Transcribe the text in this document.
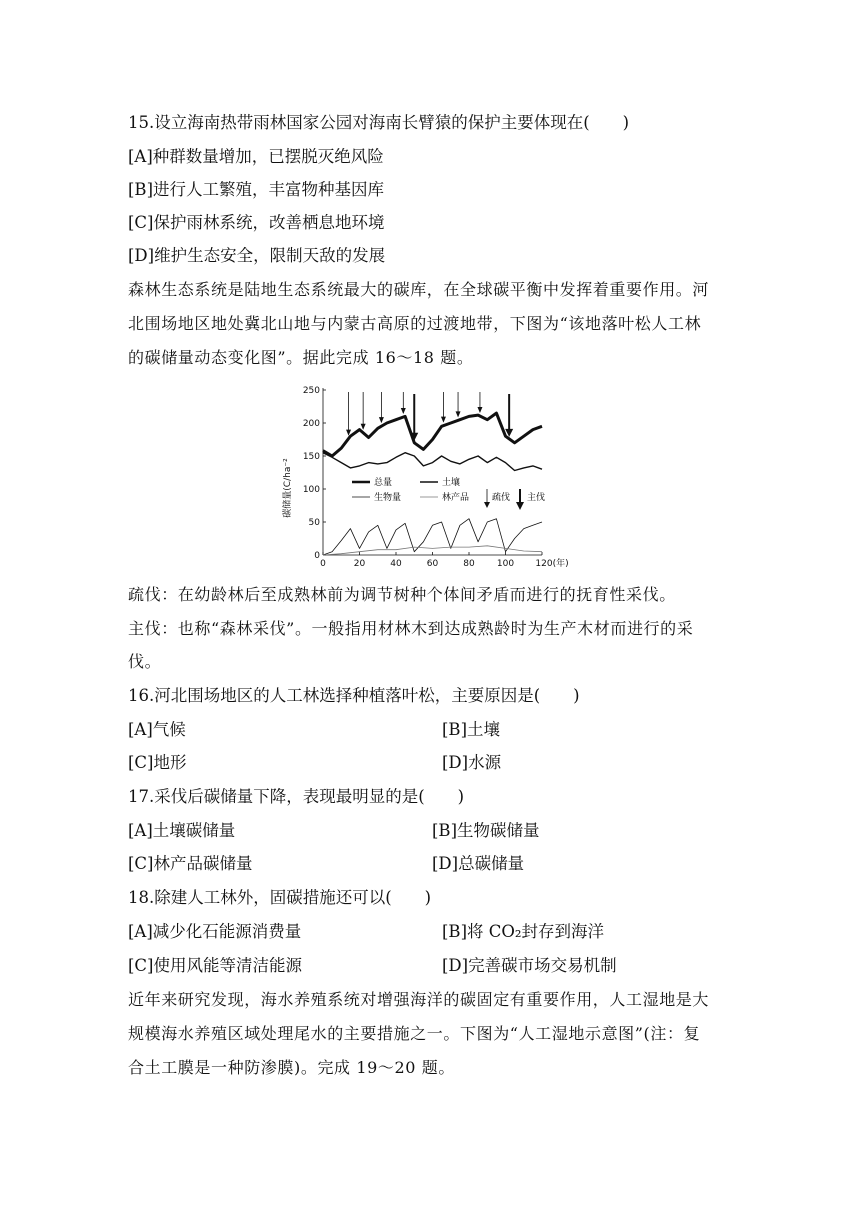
15.设立海南热带雨林国家公园对海南长臂猿的保护主要体现在(　　)
[A]种群数量增加，已摆脱灭绝风险
[B]进行人工繁殖，丰富物种基因库
[C]保护雨林系统，改善栖息地环境
[D]维护生态安全，限制天敌的发展
森林生态系统是陆地生态系统最大的碳库，在全球碳平衡中发挥着重要作用。河
北围场地区地处冀北山地与内蒙古高原的过渡地带，下图为“该地落叶松人工林
的碳储量动态变化图”。据此完成 16～18 题。
碳储量(C/ha⁻²
0
50
100
150
200
250
0	20	40	60	80 100 120(年)
总量	土壤
生物量	林产品	疏伐 主伐
疏伐：在幼龄林后至成熟林前为调节树种个体间矛盾而进行的抚育性采伐。
主伐：也称“森林采伐”。一般指用材林木到达成熟龄时为生产木材而进行的采
伐。
16.河北围场地区的人工林选择种植落叶松，主要原因是(　　)
[A]气候	[B]土壤
[C]地形	[D]水源
17.采伐后碳储量下降，表现最明显的是(　　)
[A]土壤碳储量	[B]生物碳储量
[C]林产品碳储量	[D]总碳储量
18.除建人工林外，固碳措施还可以(　　)
[A]减少化石能源消费量	[B]将 CO₂封存到海洋
[C]使用风能等清洁能源	[D]完善碳市场交易机制
近年来研究发现，海水养殖系统对增强海洋的碳固定有重要作用，人工湿地是大
规模海水养殖区域处理尾水的主要措施之一。下图为“人工湿地示意图”(注：复
合土工膜是一种防渗膜)。完成 19～20 题。
